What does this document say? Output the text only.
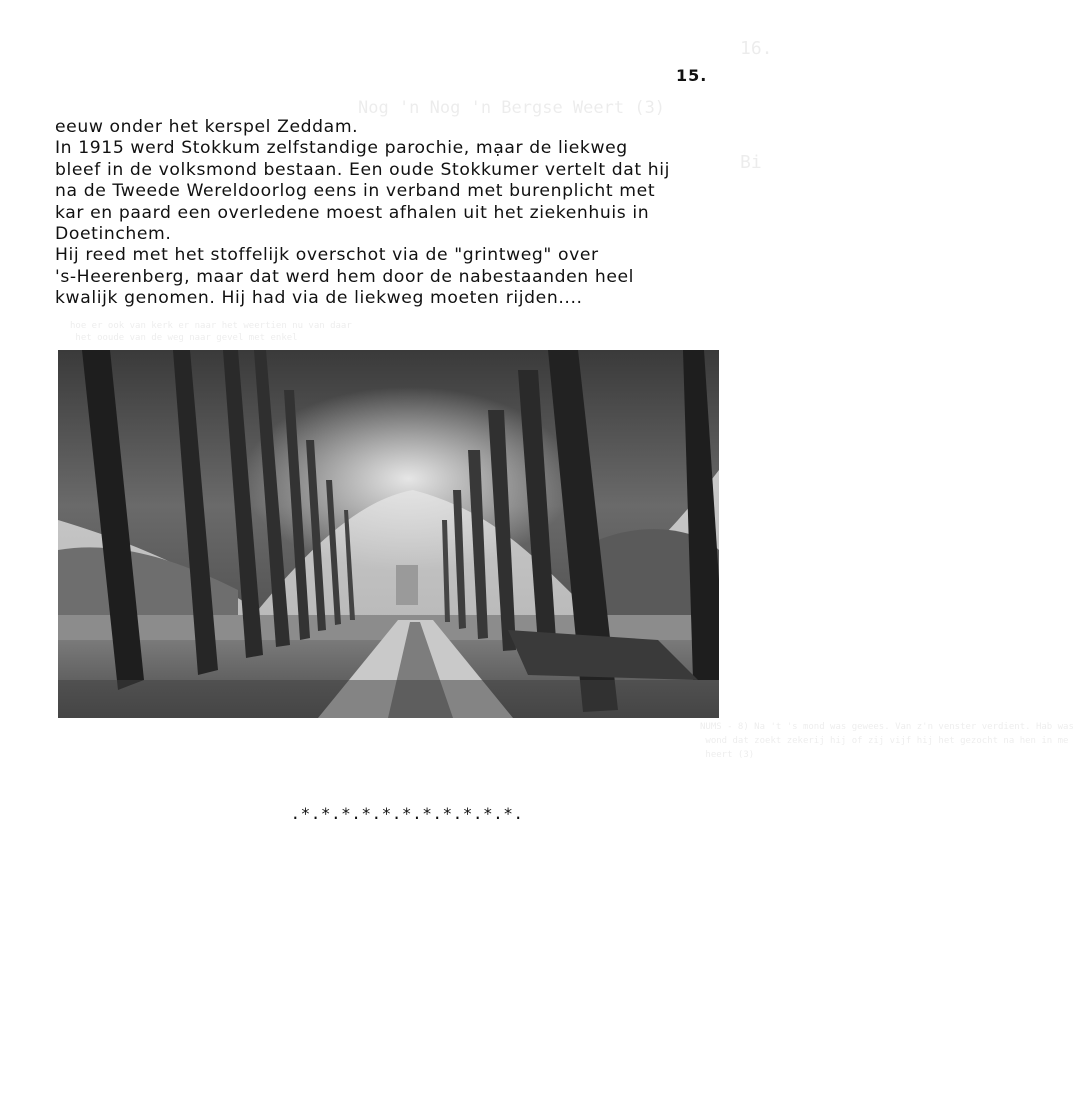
16.
Nog 'n Nog 'n Bergse Weert (3)
Bi
hoe er ook van kerk er naar het weertien nu van daar
het ooude van de weg naar gevel met enkel
NUMS - 8) Na 't 's mond was gewees. Van z'n venster verdient. Hab was
wond dat zoekt zekerij hij of zij vijf hij het gezocht na hen in me
heert (3)
15.

eeuw onder het kerspel Zeddam.

In 1915 werd Stokkum zelfstandige parochie, mạar de liekweg

bleef in de volksmond bestaan. Een oude Stokkumer vertelt dat hij

na de Tweede Wereldoorlog eens in verband met burenplicht met

kar en paard een overledene moest afhalen uit het ziekenhuis in

Doetinchem.

Hij reed met het stoffelijk overschot via de "grintweg" over

's-Heerenberg, maar dat werd hem door de nabestaanden heel

kwalijk genomen. Hij had via de liekweg moeten rijden....

.*.*.*.*.*.*.*.*.*.*.*.
